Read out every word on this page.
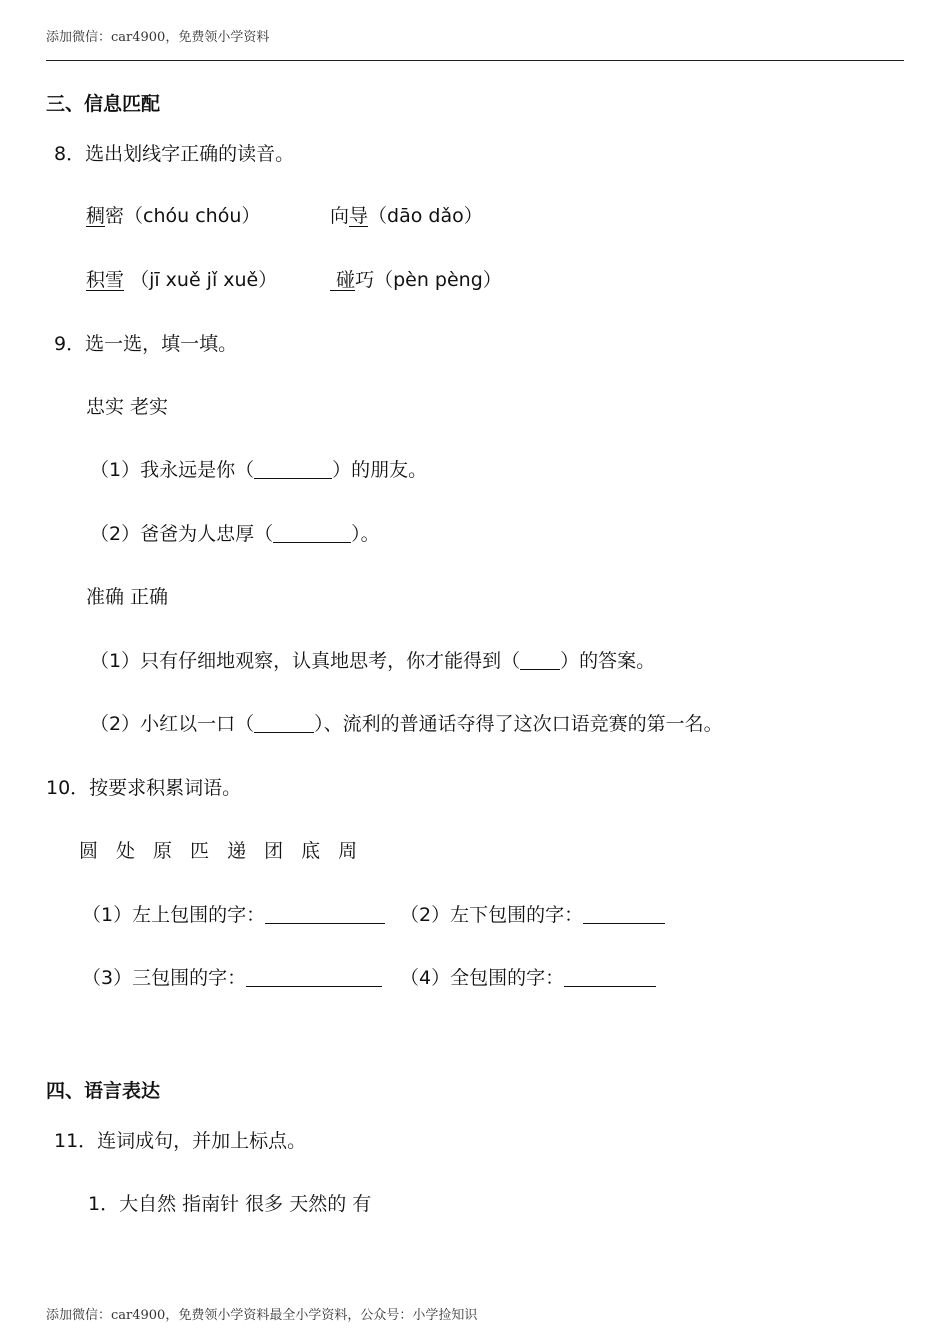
添加微信：car4900，免费领小学资料
三、信息匹配
8．选出划线字正确的读音。
稠密（chóu chóu）	向导（dāo dǎo）
积雪 （jī xuě jǐ xuě）	碰巧（pèn pèng）
9．选一选，填一填。
忠实 老实
（1）我永远是你（	）的朋友。
（2）爸爸为人忠厚（	）。
准确 正确
（1）只有仔细地观察，认真地思考，你才能得到（ ）的答案。
（2）小红以一口（	）、流利的普通话夺得了这次口语竞赛的第一名。
10．按要求积累词语。
圆 处 原 匹 递 团 底 周
（1）左上包围的字：	（2）左下包围的字：
（3）三包围的字：	（4）全包围的字：
四、语言表达
11．连词成句，并加上标点。
1．大自然 指南针 很多 天然的 有
添加微信：car4900，免费领小学资料最全小学资料，公众号：小学捡知识
